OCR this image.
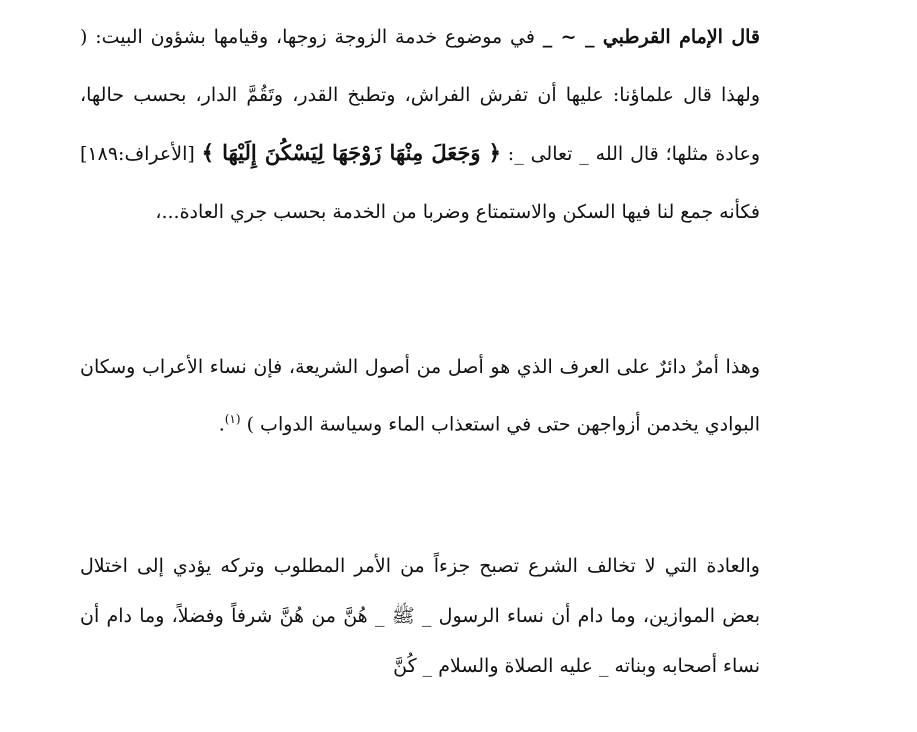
قال الإمام القرطبي _ ~ _ في موضوع خدمة الزوجة زوجها، وقيامها بشؤون البيت: ( ولهذا قال علماؤنا: عليها أن تفرش الفراش، وتطبخ القدر، وتَقُمَّ الدار، بحسب حالها، وعادة مثلها؛ قال الله _ تعالى _: ﴿ وَجَعَلَ مِنْهَا زَوْجَهَا لِيَسْكُنَ إِلَيْهَا ﴾ [الأعراف:١٨٩] فكأنه جمع لنا فيها السكن والاستمتاع وضربا من الخدمة بحسب جري العادة...،

وهذا أمرٌ دائرٌ على العرف الذي هو أصل من أصول الشريعة، فإن نساء الأعراب وسكان البوادي يخدمن أزواجهن حتى في استعذاب الماء وسياسة الدواب ) $^{(١)}$.

والعادة التي لا تخالف الشرع تصبح جزءاً من الأمر المطلوب وتركه يؤدي إلى اختلال بعض الموازين، وما دام أن نساء الرسول _ ﷺ _ هُنَّ من هُنَّ شرفاً وفضلاً، وما دام أن نساء أصحابه وبناته _ عليه الصلاة والسلام _ كُنَّ
